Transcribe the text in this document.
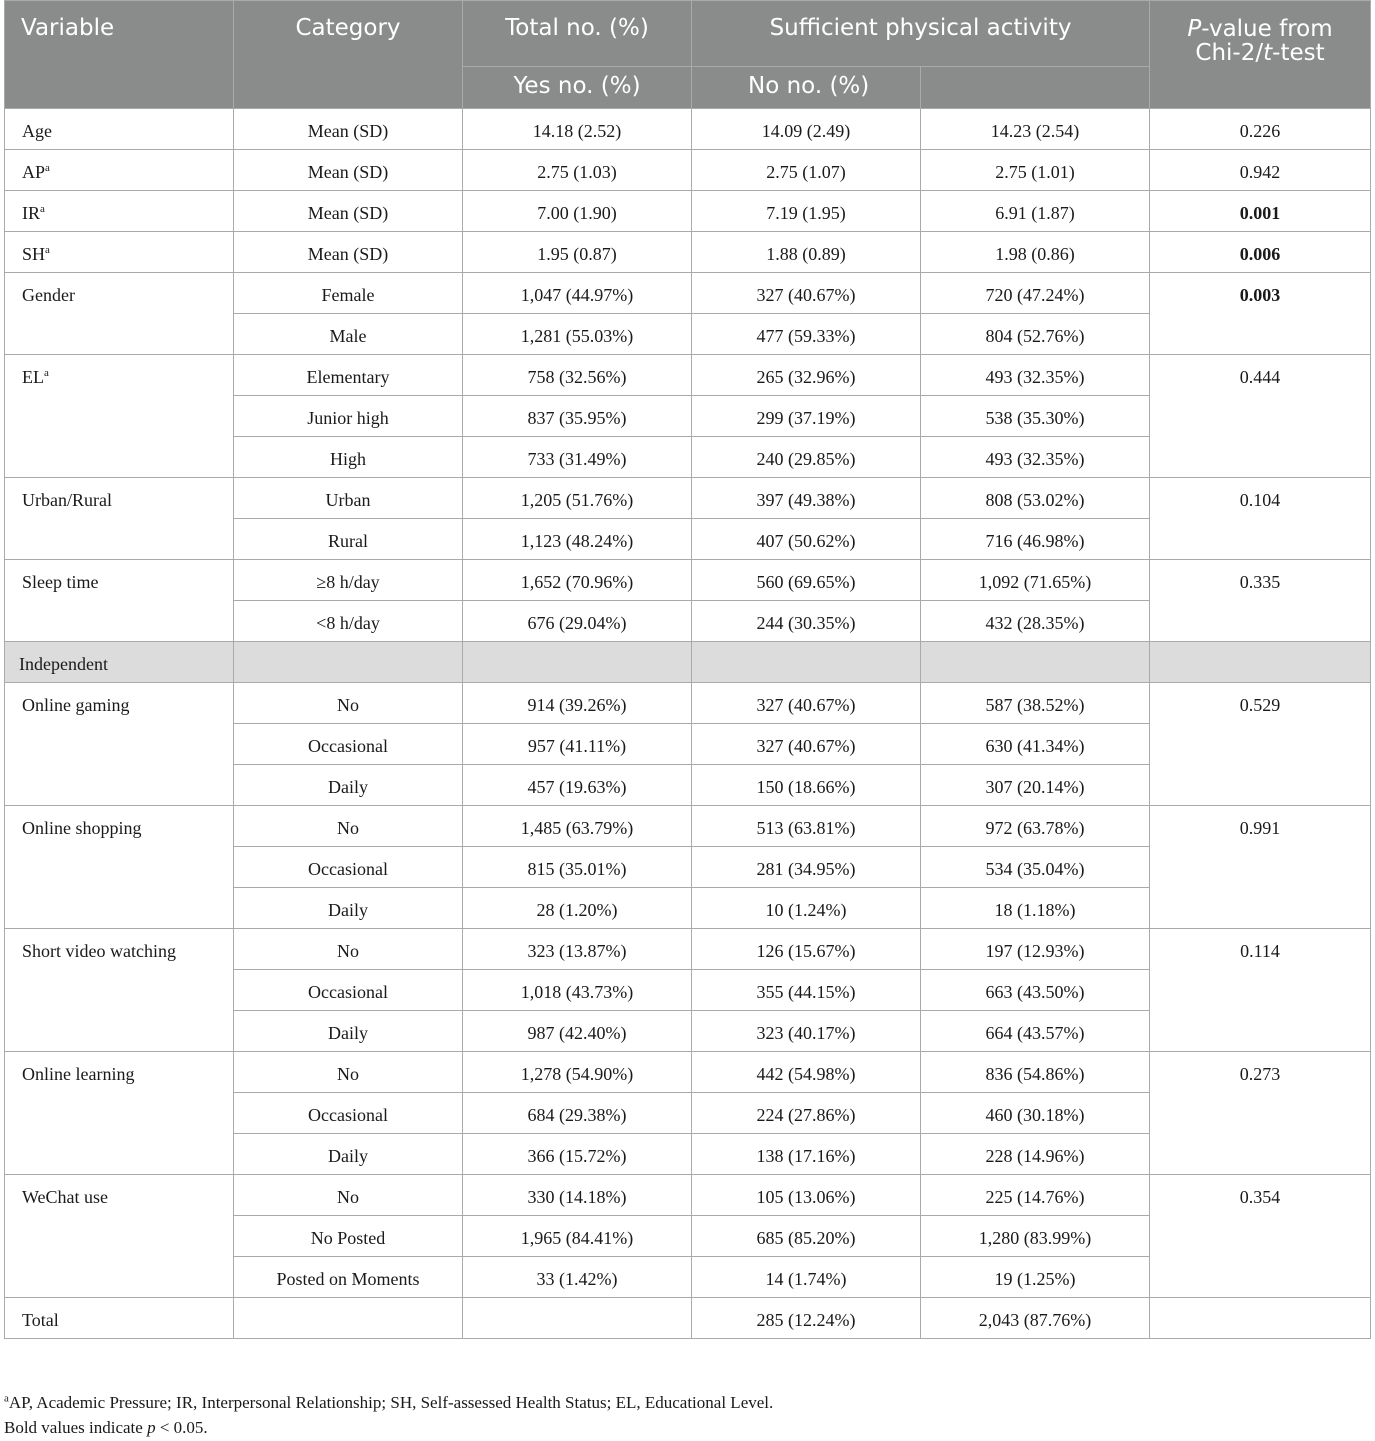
Variable	Category	Total no. (%)	Sufficient physical activity		P-value from
Chi-2/t-test
		Yes no. (%)	No no. (%)		
Age	Mean (SD)	14.18 (2.52)	14.09 (2.49)	14.23 (2.54)	0.226
$AP^a$	Mean (SD)	2.75 (1.03)	2.75 (1.07)	2.75 (1.01)	0.942
$IR^a$	Mean (SD)	7.00 (1.90)	7.19 (1.95)	6.91 (1.87)	0.001
$SH^a$	Mean (SD)	1.95 (0.87)	1.88 (0.89)	1.98 (0.86)	0.006
Gender	Female	1,047 (44.97%)	327 (40.67%)	720 (47.24%)	0.003
	Male	1,281 (55.03%)	477 (59.33%)	804 (52.76%)	
$EL^a$	Elementary	758 (32.56%)	265 (32.96%)	493 (32.35%)	0.444
	Junior high	837 (35.95%)	299 (37.19%)	538 (35.30%)	
	High	733 (31.49%)	240 (29.85%)	493 (32.35%)	
Urban/Rural	Urban	1,205 (51.76%)	397 (49.38%)	808 (53.02%)	0.104
	Rural	1,123 (48.24%)	407 (50.62%)	716 (46.98%)	
Sleep time	≥8 h/day	1,652 (70.96%)	560 (69.65%)	1,092 (71.65%)	0.335
	<8 h/day	676 (29.04%)	244 (30.35%)	432 (28.35%)	
Independent					
Online gaming	No	914 (39.26%)	327 (40.67%)	587 (38.52%)	0.529
	Occasional	957 (41.11%)	327 (40.67%)	630 (41.34%)	
	Daily	457 (19.63%)	150 (18.66%)	307 (20.14%)	
Online shopping	No	1,485 (63.79%)	513 (63.81%)	972 (63.78%)	0.991
	Occasional	815 (35.01%)	281 (34.95%)	534 (35.04%)	
	Daily	28 (1.20%)	10 (1.24%)	18 (1.18%)	
Short video watching	No	323 (13.87%)	126 (15.67%)	197 (12.93%)	0.114
	Occasional	1,018 (43.73%)	355 (44.15%)	663 (43.50%)	
	Daily	987 (42.40%)	323 (40.17%)	664 (43.57%)	
Online learning	No	1,278 (54.90%)	442 (54.98%)	836 (54.86%)	0.273
	Occasional	684 (29.38%)	224 (27.86%)	460 (30.18%)	
	Daily	366 (15.72%)	138 (17.16%)	228 (14.96%)	
WeChat use	No	330 (14.18%)	105 (13.06%)	225 (14.76%)	0.354
	No Posted	1,965 (84.41%)	685 (85.20%)	1,280 (83.99%)	
	Posted on Moments	33 (1.42%)	14 (1.74%)	19 (1.25%)	
Total			285 (12.24%)	2,043 (87.76%)	
$^a$AP, Academic Pressure; IR, Interpersonal Relationship; SH, Self-assessed Health Status; EL, Educational Level.
Bold values indicate p < 0.05.
